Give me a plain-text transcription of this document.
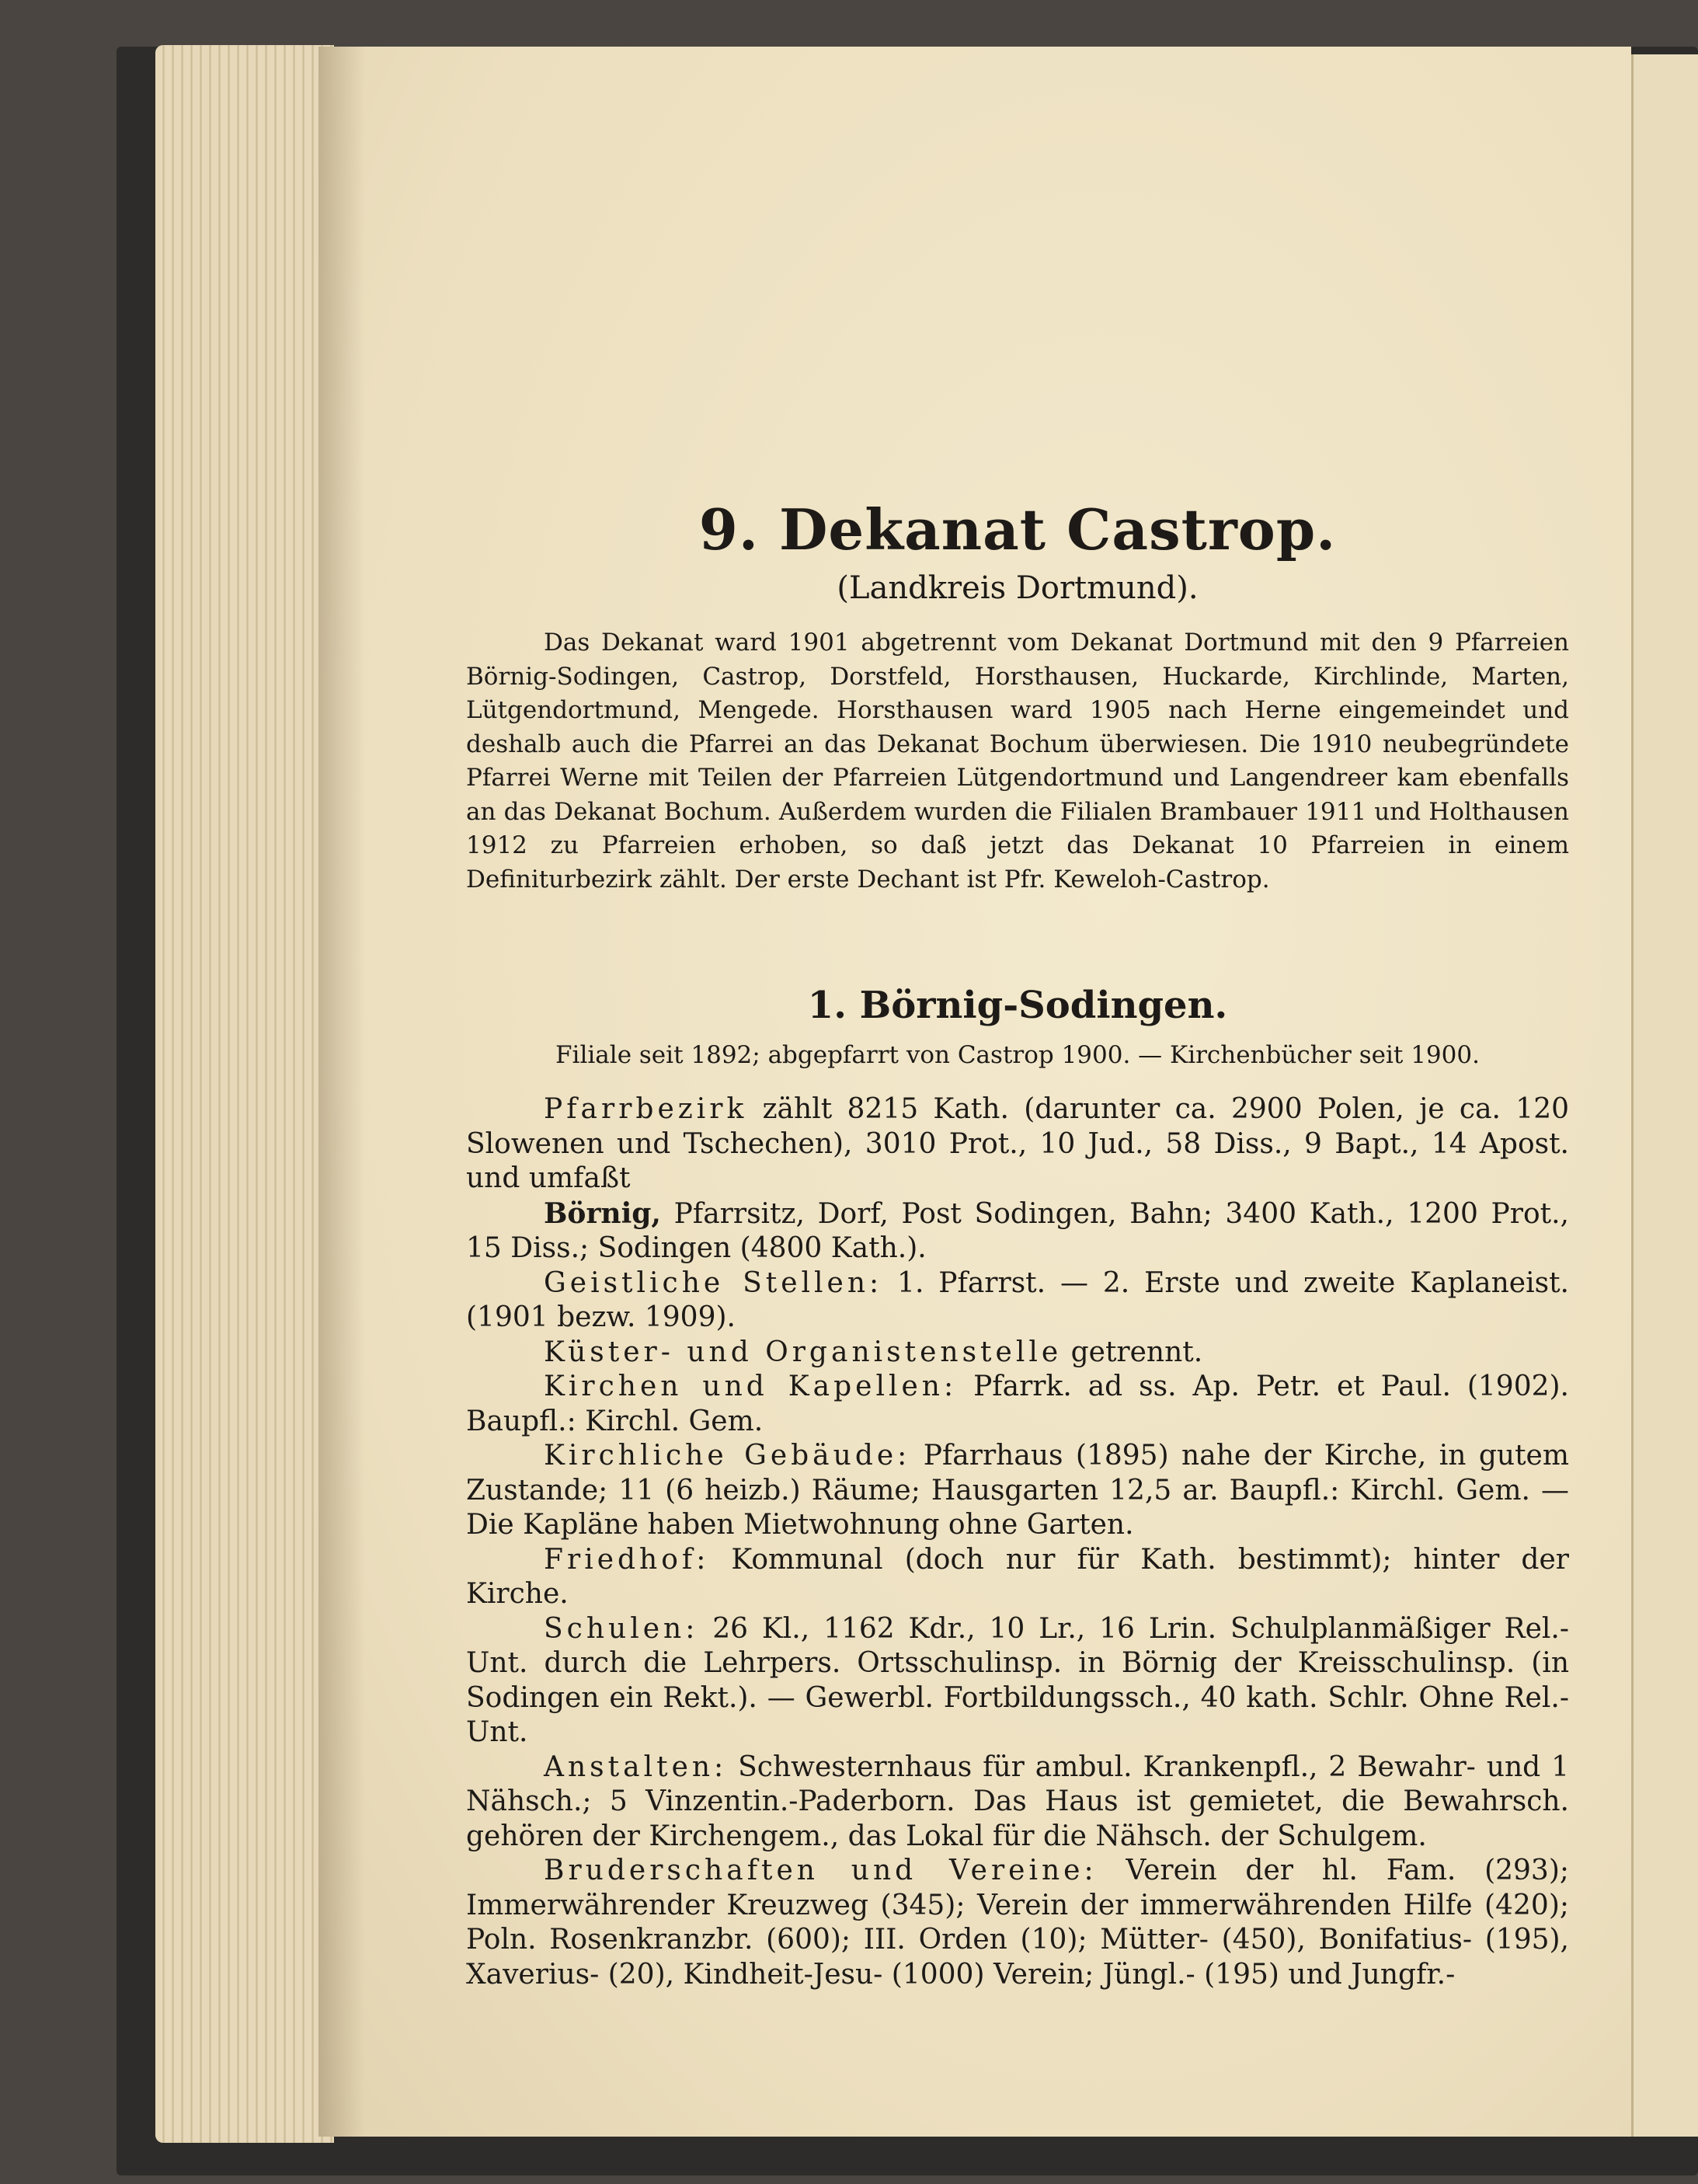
9. Dekanat Castrop.
(Landkreis Dortmund).

Das Dekanat ward 1901 abgetrennt vom Dekanat Dortmund mit den 9 Pfarreien Börnig-Sodingen, Castrop, Dorstfeld, Horsthausen, Huckarde, Kirchlinde, Marten, Lütgendortmund, Mengede. Horsthausen ward 1905 nach Herne eingemeindet und deshalb auch die Pfarrei an das Dekanat Bochum überwiesen. Die 1910 neubegründete Pfarrei Werne mit Teilen der Pfarreien Lütgendortmund und Langendreer kam ebenfalls an das Dekanat Bochum. Außerdem wurden die Filialen Brambauer 1911 und Holthausen 1912 zu Pfarreien erhoben, so daß jetzt das Dekanat 10 Pfarreien in einem Definiturbezirk zählt. Der erste Dechant ist Pfr. Keweloh-Castrop.

1. Börnig-Sodingen.
Filiale seit 1892; abgepfarrt von Castrop 1900. — Kirchenbücher seit 1900.

Pfarrbezirk zählt 8215 Kath. (darunter ca. 2900 Polen, je ca. 120 Slowenen und Tschechen), 3010 Prot., 10 Jud., 58 Diss., 9 Bapt., 14 Apost. und umfaßt

Börnig, Pfarrsitz, Dorf, Post Sodingen, Bahn; 3400 Kath., 1200 Prot., 15 Diss.; Sodingen (4800 Kath.).

Geistliche Stellen: 1. Pfarrst. — 2. Erste und zweite Kaplaneist. (1901 bezw. 1909).

Küster- und Organistenstelle getrennt.

Kirchen und Kapellen: Pfarrk. ad ss. Ap. Petr. et Paul. (1902). Baupfl.: Kirchl. Gem.

Kirchliche Gebäude: Pfarrhaus (1895) nahe der Kirche, in gutem Zustande; 11 (6 heizb.) Räume; Hausgarten 12,5 ar. Baupfl.: Kirchl. Gem. — Die Kapläne haben Mietwohnung ohne Garten.

Friedhof: Kommunal (doch nur für Kath. bestimmt); hinter der Kirche.

Schulen: 26 Kl., 1162 Kdr., 10 Lr., 16 Lrin. Schulplanmäßiger Rel.-Unt. durch die Lehrpers. Ortsschulinsp. in Börnig der Kreisschulinsp. (in Sodingen ein Rekt.). — Gewerbl. Fortbildungssch., 40 kath. Schlr. Ohne Rel.-Unt.

Anstalten: Schwesternhaus für ambul. Krankenpfl., 2 Bewahr- und 1 Nähsch.; 5 Vinzentin.-Paderborn. Das Haus ist gemietet, die Bewahrsch. gehören der Kirchengem., das Lokal für die Nähsch. der Schulgem.

Bruderschaften und Vereine: Verein der hl. Fam. (293); Immerwährender Kreuzweg (345); Verein der immerwährenden Hilfe (420); Poln. Rosenkranzbr. (600); III. Orden (10); Mütter- (450), Bonifatius- (195), Xaverius- (20), Kindheit-Jesu- (1000) Verein; Jüngl.- (195) und Jungfr.-
